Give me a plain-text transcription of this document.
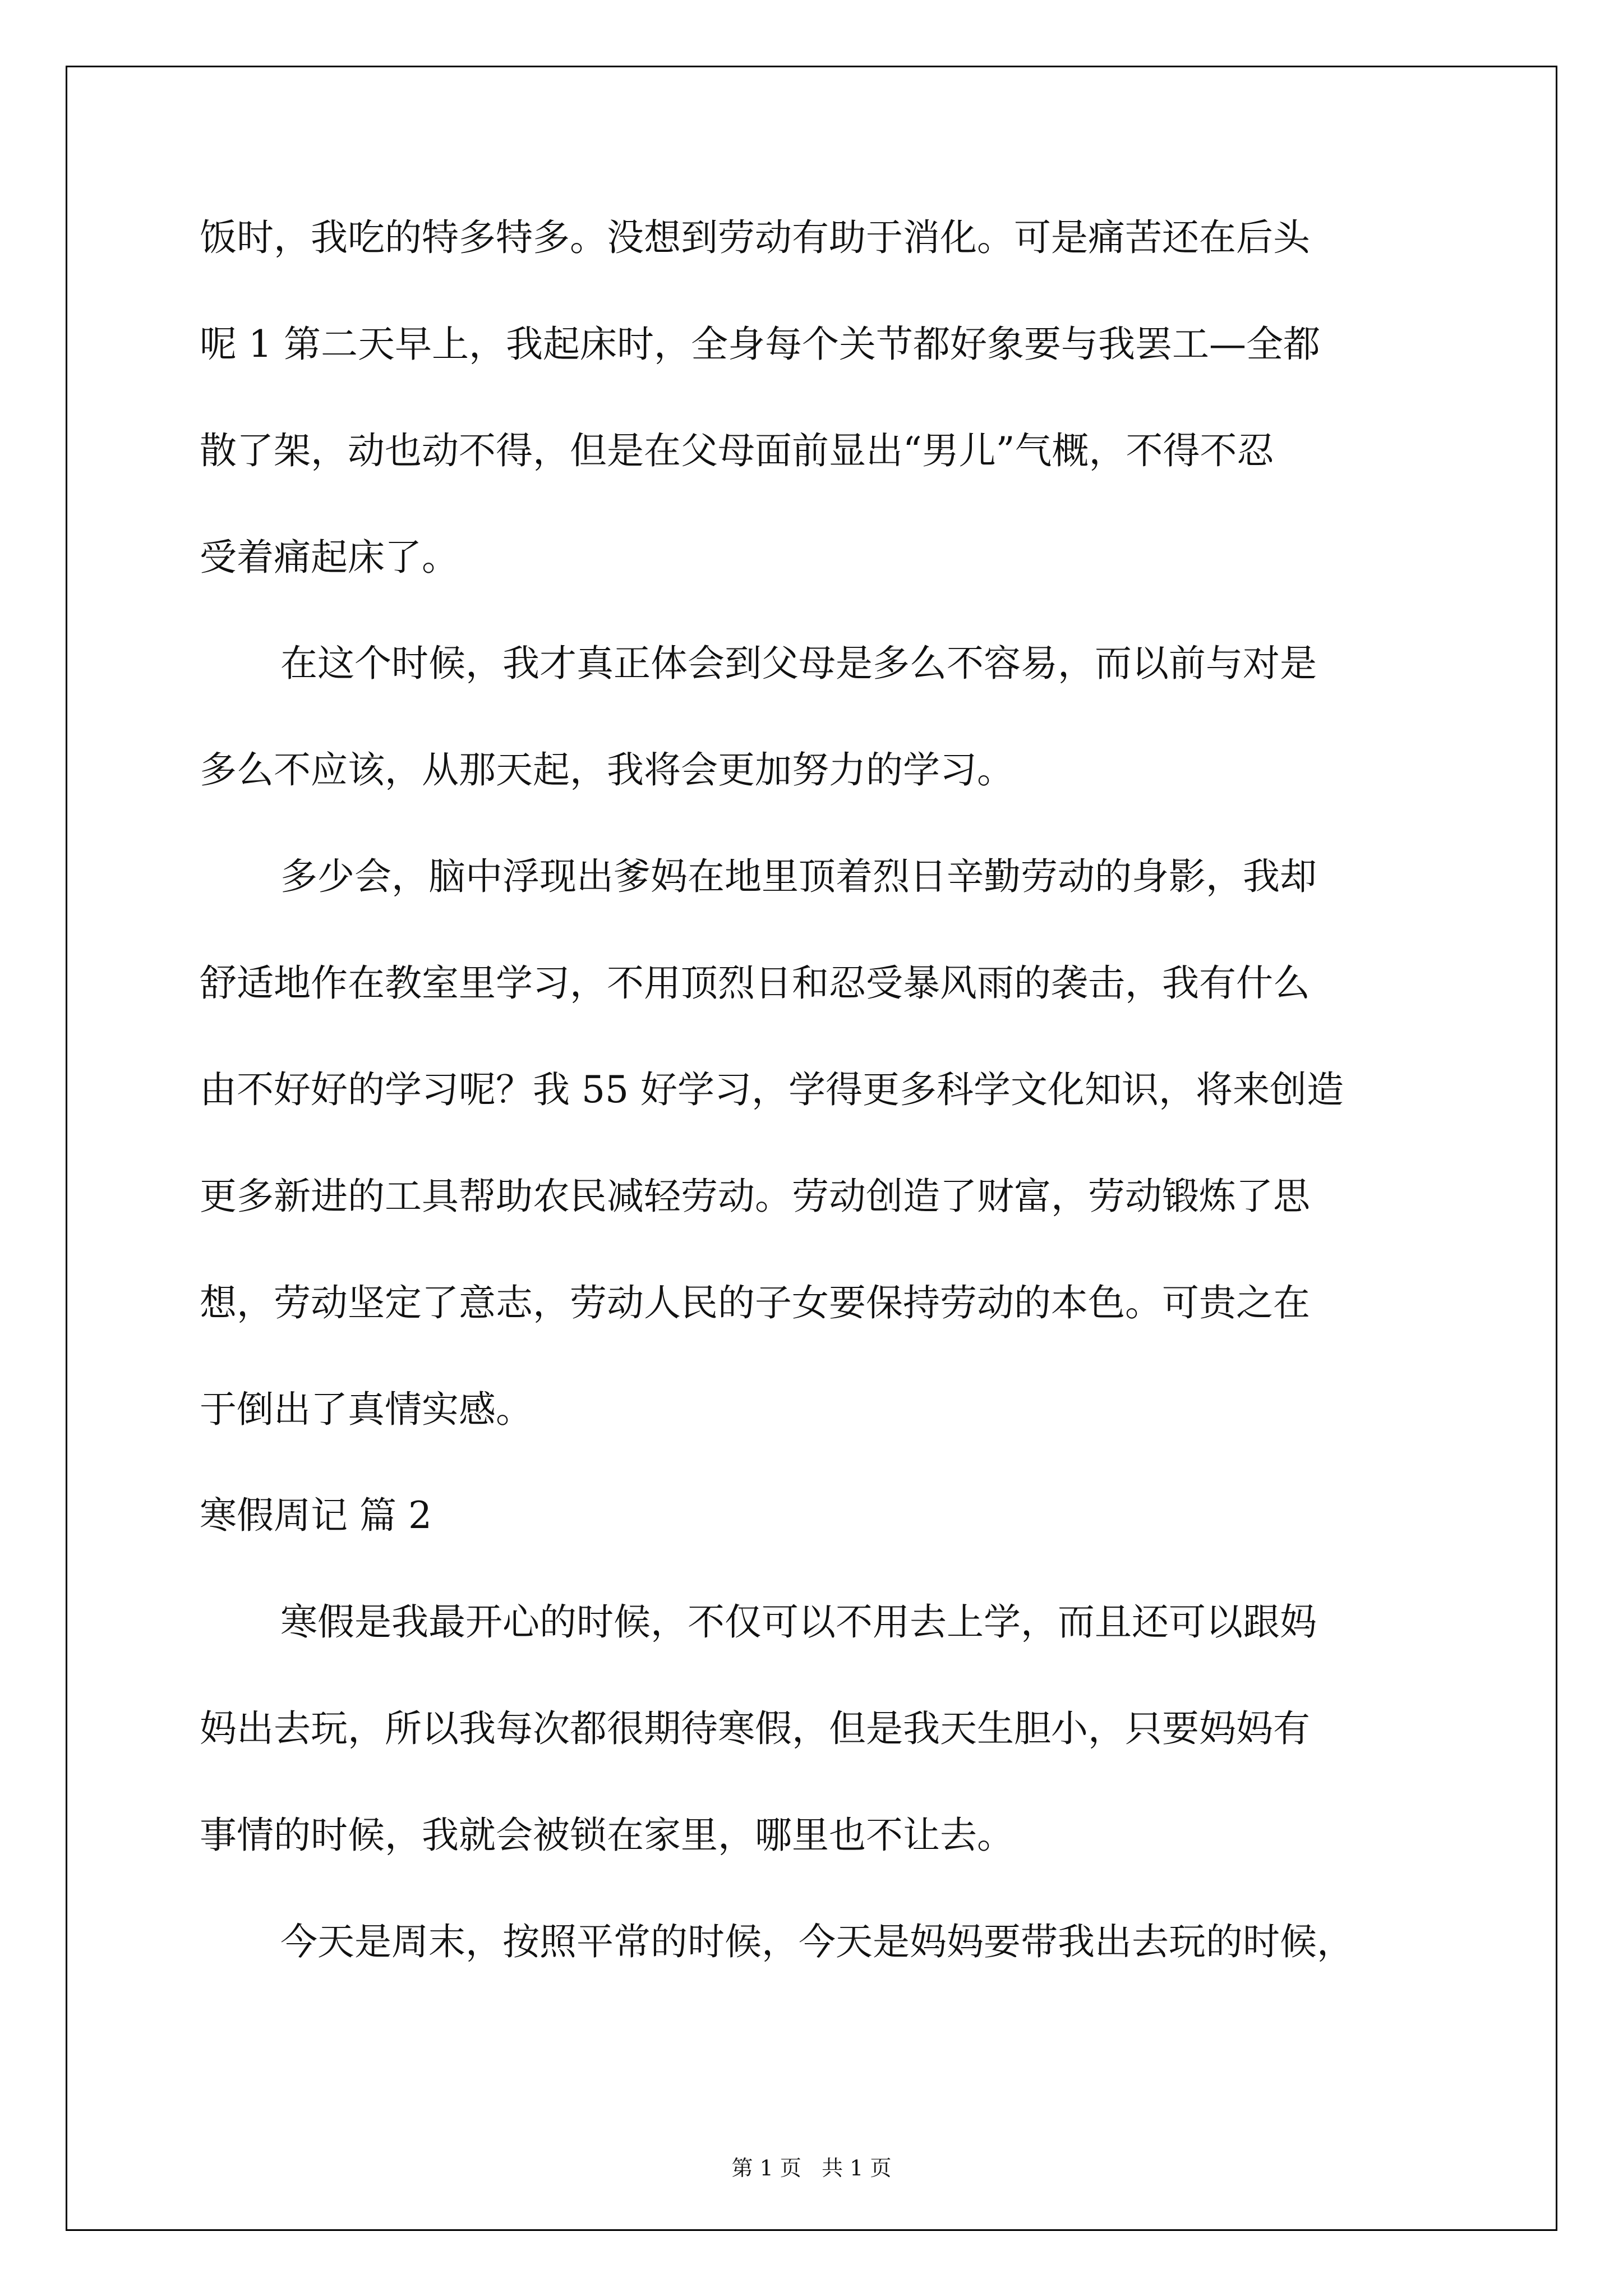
饭时，我吃的特多特多。没想到劳动有助于消化。可是痛苦还在后头
呢 1 第二天早上，我起床时，全身每个关节都好象要与我罢工—全都
散了架，动也动不得，但是在父母面前显出“男儿”气概，不得不忍
受着痛起床了。
在这个时候，我才真正体会到父母是多么不容易，而以前与对是
多么不应该，从那天起，我将会更加努力的学习。
多少会，脑中浮现出爹妈在地里顶着烈日辛勤劳动的身影，我却
舒适地作在教室里学习，不用顶烈日和忍受暴风雨的袭击，我有什么
由不好好的学习呢？我 55 好学习，学得更多科学文化知识，将来创造
更多新进的工具帮助农民减轻劳动。劳动创造了财富，劳动锻炼了思
想，劳动坚定了意志，劳动人民的子女要保持劳动的本色。可贵之在
于倒出了真情实感。
寒假周记 篇 2
寒假是我最开心的时候，不仅可以不用去上学，而且还可以跟妈
妈出去玩，所以我每次都很期待寒假，但是我天生胆小，只要妈妈有
事情的时候，我就会被锁在家里，哪里也不让去。
今天是周末，按照平常的时候，今天是妈妈要带我出去玩的时候，
第 1 页   共 1 页
